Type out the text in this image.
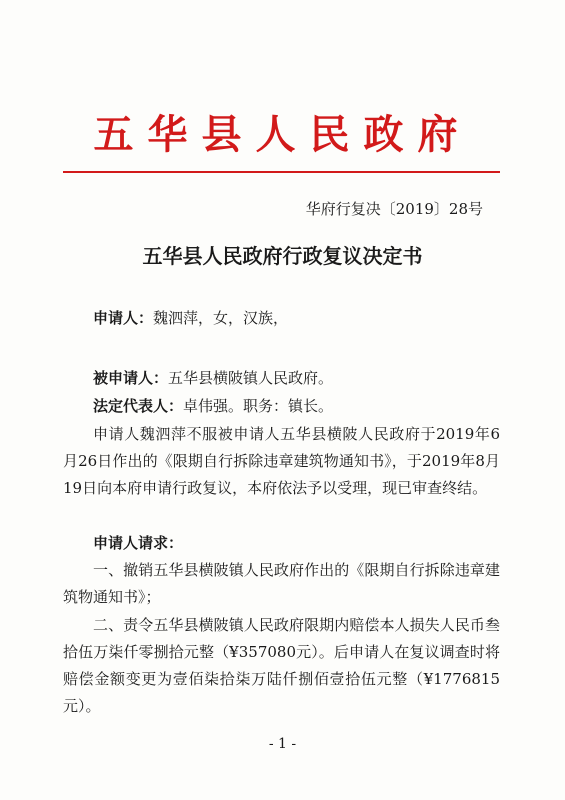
五华县人民政府
华府行复决〔2019〕28号
五华县人民政府行政复议决定书

申请人：魏泗萍，女，汉族，

被申请人：五华县横陂镇人民政府。

法定代表人：卓伟强。职务：镇长。

申请人魏泗萍不服被申请人五华县横陂人民政府于2019年6月26日作出的《限期自行拆除违章建筑物通知书》，于2019年8月19日向本府申请行政复议，本府依法予以受理，现已审查终结。

申请人请求：

一、撤销五华县横陂镇人民政府作出的《限期自行拆除违章建筑物通知书》；

二、责令五华县横陂镇人民政府限期内赔偿本人损失人民币叁拾伍万柒仟零捌拾元整（¥357080元）。后申请人在复议调查时将赔偿金额变更为壹佰柒拾柒万陆仟捌佰壹拾伍元整（¥1776815元）。

- 1 -
